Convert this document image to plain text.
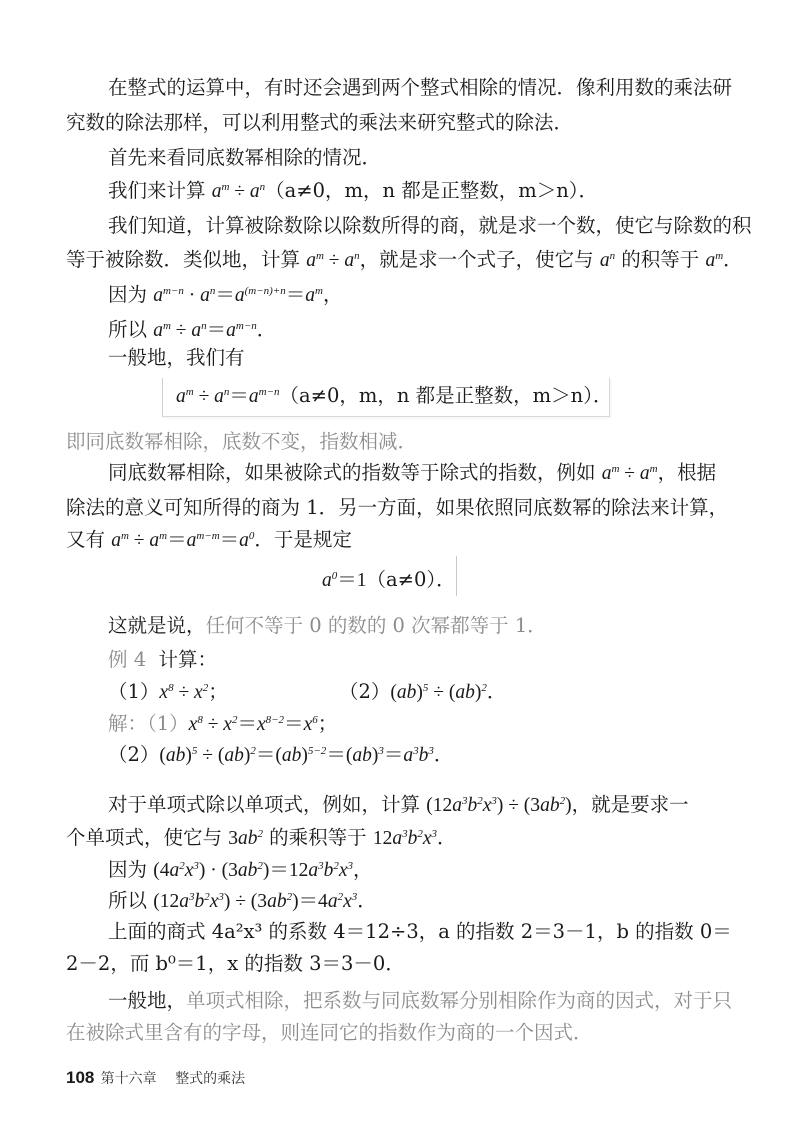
在整式的运算中，有时还会遇到两个整式相除的情况．像利用数的乘法研
究数的除法那样，可以利用整式的乘法来研究整式的除法．
首先来看同底数幂相除的情况．
我们来计算 $a^m \div a^n(a\ne 0$，m，n 都是正整数，m＞n）．
我们知道，计算被除数除以除数所得的商，就是求一个数，使它与除数的积
等于被除数．类似地，计算 $a^m \div a^n$，就是求一个式子，使它与 $a^n$ 的积等于 $a^m$．
因为 $a^{m-n} \cdot a^n=a^{(m-n)+n}=a^m$，
所以 $a^m \div a^n=a^{m-n}$．
一般地，我们有
$a^m \div a^n=a^{m-n}(a\ne 0$，m，n 都是正整数，m＞n）．
即同底数幂相除，底数不变，指数相减．
同底数幂相除，如果被除式的指数等于除式的指数，例如 $a^m \div a^m$，根据
除法的意义可知所得的商为 1．另一方面，如果依照同底数幂的除法来计算，
又有 $a^m \div a^m=a^{m-m}=a^0$．于是规定
$a^0=1(a\ne 0)$．
这就是说，任何不等于 0 的数的 0 次幂都等于 1．
例 4 计算：
$(1)x^8 \div x^2$；	（2）(ab)$^5$ ÷ (ab)$^2$．
解：$(1)x^8 \div x^2=x^{8-2}=x^6$；
$(2)(ab)^5 \div (ab)^2=(ab)^{5-2}=(ab)^3=a^3b^3$．
对于单项式除以单项式，例如，计算 $(12a^3b^2x^3) \div (3ab^2)$，就是要求一
个单项式，使它与 $3ab^2$ 的乘积等于 $12a^3b^2x^3$．
因为 $(4a^2x^3) \cdot (3ab^2)=12a^3b^2x^3$，
所以 $(12a^3b^2x^3) \div (3ab^2)=4a^2x^3$．
上面的商式 4a²x³ 的系数 4＝12÷3，a 的指数 2＝3－1，b 的指数 0＝
2－2，而 b⁰＝1，x 的指数 3＝3－0．
一般地，单项式相除，把系数与同底数幂分别相除作为商的因式，对于只
在被除式里含有的字母，则连同它的指数作为商的一个因式．
108 第十六章 整式的乘法
